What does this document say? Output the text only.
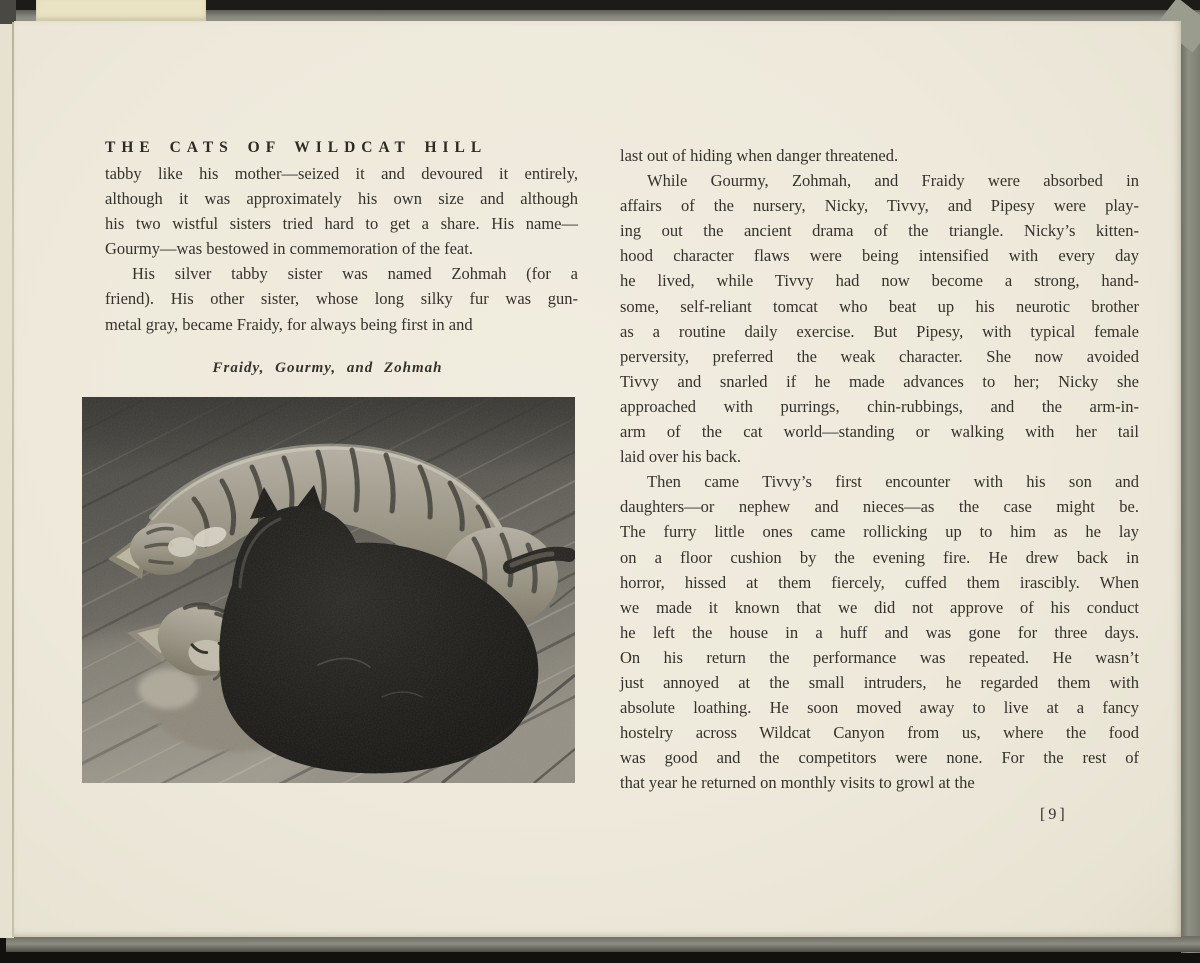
THE CATS OF WILDCAT HILL

tabby like his mother—seized it and devoured it entirely,
although it was approximately his own size and although
his two wistful sisters tried hard to get a share. His name—
Gourmy—was bestowed in commemoration of the feat.

His silver tabby sister was named Zohmah (for a
friend). His other sister, whose long silky fur was gun-
metal gray, became Fraidy, for always being first in and

Fraidy, Gourmy, and Zohmah

last out of hiding when danger threatened.

While Gourmy, Zohmah, and Fraidy were absorbed in
affairs of the nursery, Nicky, Tivvy, and Pipesy were play-
ing out the ancient drama of the triangle. Nicky’s kitten-
hood character flaws were being intensified with every day
he lived, while Tivvy had now become a strong, hand-
some, self-reliant tomcat who beat up his neurotic brother
as a routine daily exercise. But Pipesy, with typical female
perversity, preferred the weak character. She now avoided
Tivvy and snarled if he made advances to her; Nicky she
approached with purrings, chin-rubbings, and the arm-in-
arm of the cat world—standing or walking with her tail
laid over his back.

Then came Tivvy’s first encounter with his son and
daughters—or nephew and nieces—as the case might be.
The furry little ones came rollicking up to him as he lay
on a floor cushion by the evening fire. He drew back in
horror, hissed at them fiercely, cuffed them irascibly. When
we made it known that we did not approve of his conduct
he left the house in a huff and was gone for three days.
On his return the performance was repeated. He wasn’t
just annoyed at the small intruders, he regarded them with
absolute loathing. He soon moved away to live at a fancy
hostelry across Wildcat Canyon from us, where the food
was good and the competitors were none. For the rest of
that year he returned on monthly visits to growl at the

[9]
